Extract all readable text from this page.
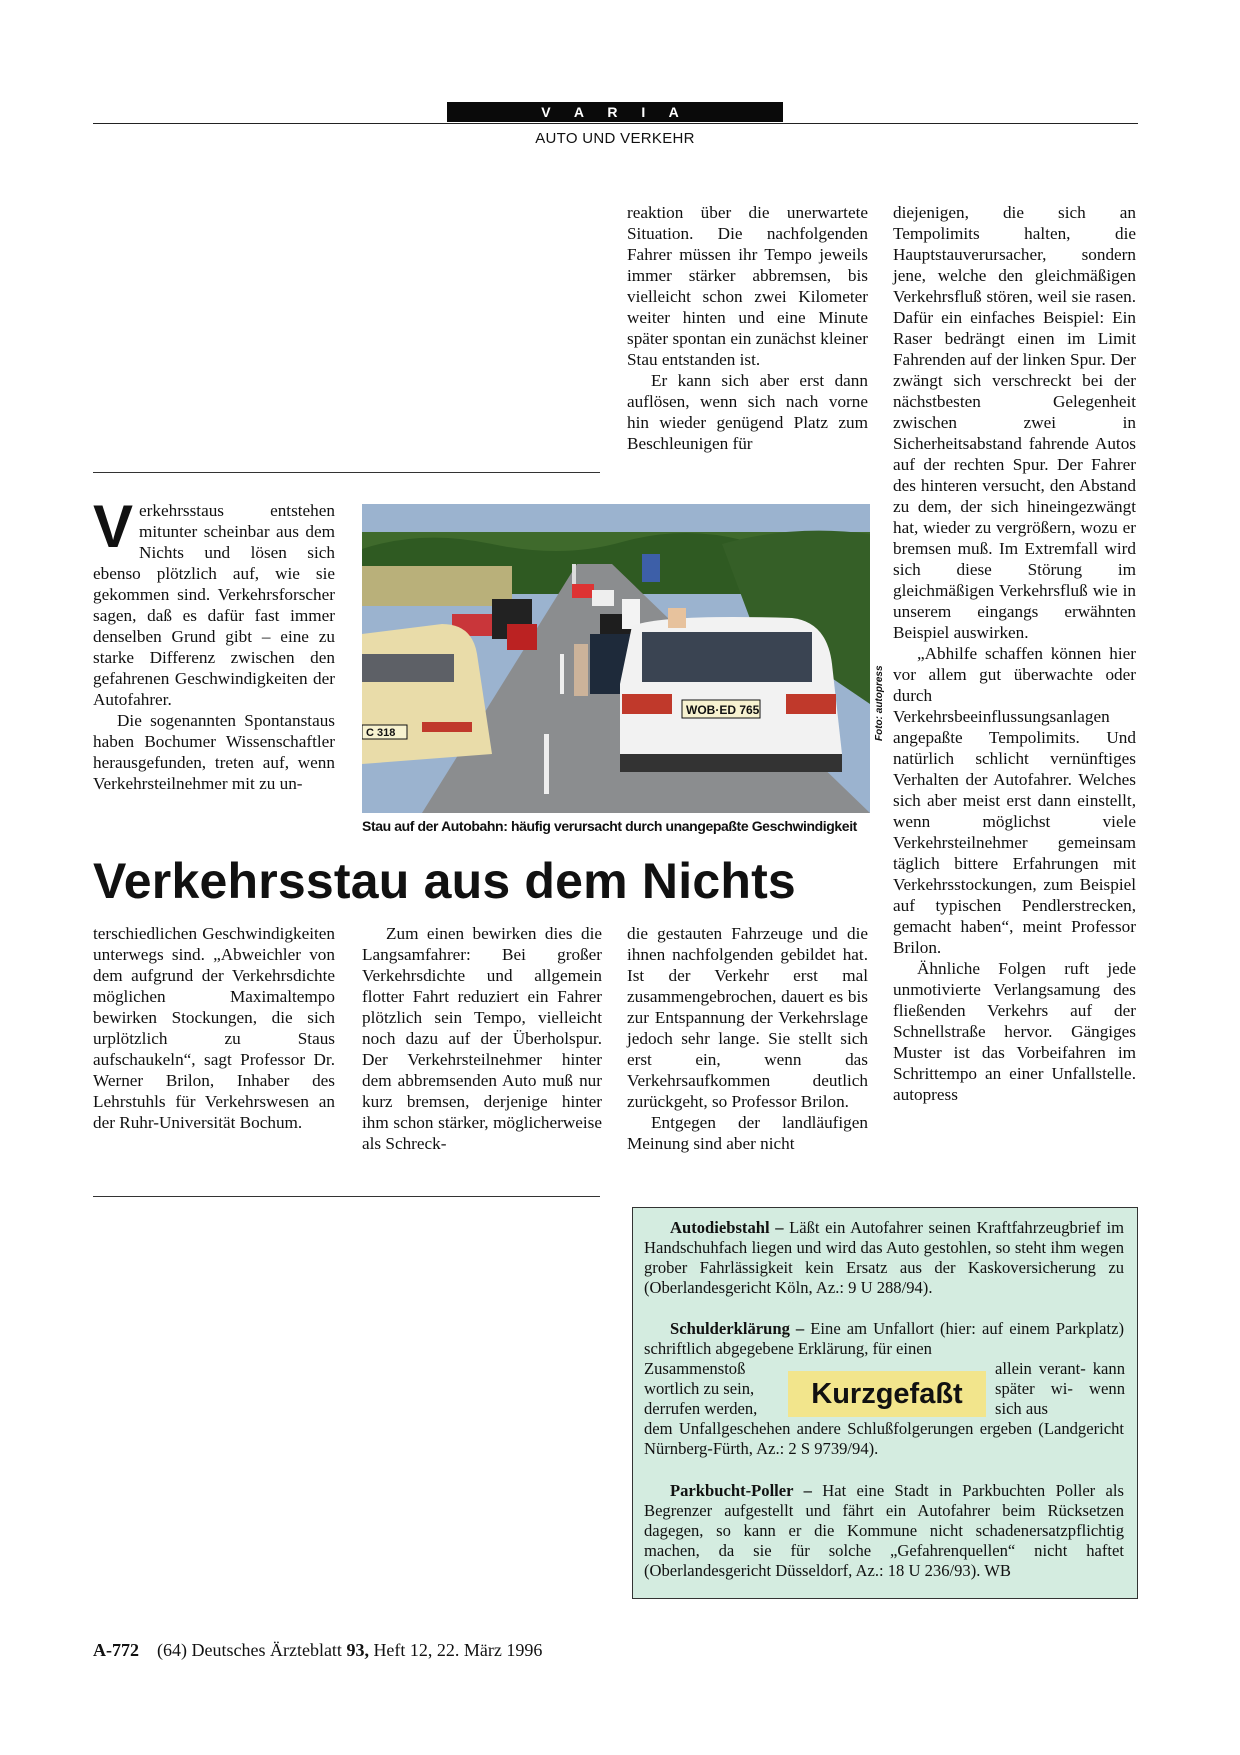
V A R I A
AUTO UND VERKEHR
V erkehrsstaus entstehen mitunter scheinbar aus dem Nichts und lösen sich ebenso plötzlich auf, wie sie gekommen sind. Verkehrsforscher sagen, daß es dafür fast immer denselben Grund gibt – eine zu starke Differenz zwischen den gefahrenen Geschwindigkeiten der Autofahrer.

Die sogenannten Spontanstaus haben Bochumer Wissenschaftler herausgefunden, treten auf, wenn Verkehrsteilnehmer mit zu un-

C 318
WOB·ED 765	Foto: autopress
Stau auf der Autobahn: häufig verursacht durch unangepaßte Geschwindigkeit
Verkehrsstau aus dem Nichts

terschiedlichen Geschwindigkeiten unterwegs sind. „Abweichler von dem aufgrund der Verkehrsdichte möglichen Maximaltempo bewirken Stockungen, die sich urplötzlich zu Staus aufschaukeln“, sagt Professor Dr. Werner Brilon, Inhaber des Lehrstuhls für Verkehrswesen an der Ruhr-Universität Bochum.

Zum einen bewirken dies die Langsamfahrer: Bei großer Verkehrsdichte und allgemein flotter Fahrt reduziert ein Fahrer plötzlich sein Tempo, vielleicht noch dazu auf der Überholspur. Der Verkehrsteilnehmer hinter dem abbremsenden Auto muß nur kurz bremsen, derjenige hinter ihm schon stärker, möglicherweise als Schreck-

reaktion über die unerwartete Situation. Die nachfolgenden Fahrer müssen ihr Tempo jeweils immer stärker abbremsen, bis vielleicht schon zwei Kilometer weiter hinten und eine Minute später spontan ein zunächst kleiner Stau entstanden ist.

Er kann sich aber erst dann auflösen, wenn sich nach vorne hin wieder genügend Platz zum Beschleunigen für

die gestauten Fahrzeuge und die ihnen nachfolgenden gebildet hat. Ist der Verkehr erst mal zusammengebrochen, dauert es bis zur Entspannung der Verkehrslage jedoch sehr lange. Sie stellt sich erst ein, wenn das Verkehrsaufkommen deutlich zurückgeht, so Professor Brilon.

Entgegen der landläufigen Meinung sind aber nicht

diejenigen, die sich an Tempolimits halten, die Hauptstauverursacher, sondern jene, welche den gleichmäßigen Verkehrsfluß stören, weil sie rasen. Dafür ein einfaches Beispiel: Ein Raser bedrängt einen im Limit Fahrenden auf der linken Spur. Der zwängt sich verschreckt bei der nächstbesten Gelegenheit zwischen zwei in Sicherheitsabstand fahrende Autos auf der rechten Spur. Der Fahrer des hinteren versucht, den Abstand zu dem, der sich hineingezwängt hat, wieder zu vergrößern, wozu er bremsen muß. Im Extremfall wird sich diese Störung im gleichmäßigen Verkehrsfluß wie in unserem eingangs erwähnten Beispiel auswirken.

„Abhilfe schaffen können hier vor allem gut überwachte oder durch Verkehrsbeeinflussungsanlagen angepaßte Tempolimits. Und natürlich schlicht vernünftiges Verhalten der Autofahrer. Welches sich aber meist erst dann einstellt, wenn möglichst viele Verkehrsteilnehmer gemeinsam täglich bittere Erfahrungen mit Verkehrsstockungen, zum Beispiel auf typischen Pendlerstrecken, gemacht haben“, meint Professor Brilon.

Ähnliche Folgen ruft jede unmotivierte Verlangsamung des fließenden Verkehrs auf der Schnellstraße hervor. Gängiges Muster ist das Vorbeifahren im Schrittempo an einer Unfallstelle. autopress

Autodiebstahl – Läßt ein Autofahrer seinen Kraftfahrzeugbrief im Handschuhfach liegen und wird das Auto gestohlen, so steht ihm wegen grober Fahrlässigkeit kein Ersatz aus der Kaskoversicherung zu (Oberlandesgericht Köln, Az.: 9 U 288/94).
Schulderklärung – Eine am Unfallort (hier: auf einem Parkplatz) schriftlich abgegebene Erklärung, für einen
Zusammenstoß wortlich zu sein, derrufen werden,	Kurzgefaßt
allein verant- kann später wi- wenn sich aus
dem Unfallgeschehen andere Schlußfolgerungen ergeben (Landgericht Nürnberg-Fürth, Az.: 2 S 9739/94).
Parkbucht-Poller – Hat eine Stadt in Parkbuchten Poller als Begrenzer aufgestellt und fährt ein Autofahrer beim Rücksetzen dagegen, so kann er die Kommune nicht schadenersatzpflichtig machen, da sie für solche „Gefahrenquellen“ nicht haftet (Oberlandesgericht Düsseldorf, Az.: 18 U 236/93). WB
A-772 (64) Deutsches Ärzteblatt 93, Heft 12, 22. März 1996
